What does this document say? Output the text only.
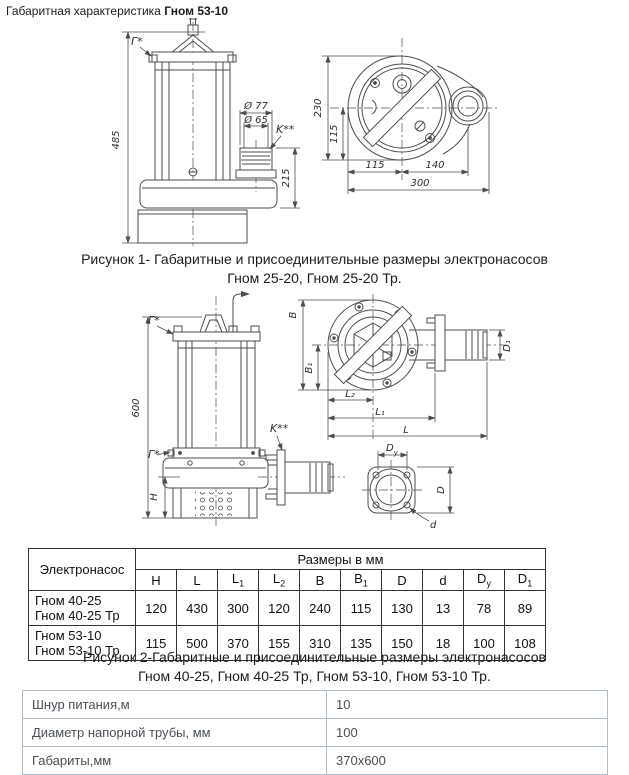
Габаритная характеристика Гном 53-10
485
Г*
Ø 77
Ø 65
K**
215
230
115
115	140
300
Рисунок 1- Габаритные и присоединительные размеры электронасосов
Гном 25-20, Гном 25-20 Тр.
600
Г*
Г*
K**
H
B
B₁
L₂
L₁
L
D₁
$D_y$
D
d
Электронасос	Размеры в мм									
	H	L	$L_1$	$L_2$	B	$B_1$	D	d	$D_y$	$D_1$

Гном 40-25
Гном 40-25 Тр	120	430	300	120	240	115	130	13	78	89

Гном 53-10
Гном 53-10 Тр	115	500	370	155	310	135	150	18	100	108
Рисунок 2-Габаритные и присоединительные размеры электронасосов
Гном 40-25, Гном 40-25 Тр, Гном 53-10, Гном 53-10 Тр.
Шнур питания,м	10
Диаметр напорной трубы, мм	100
Габариты,мм	370x600
